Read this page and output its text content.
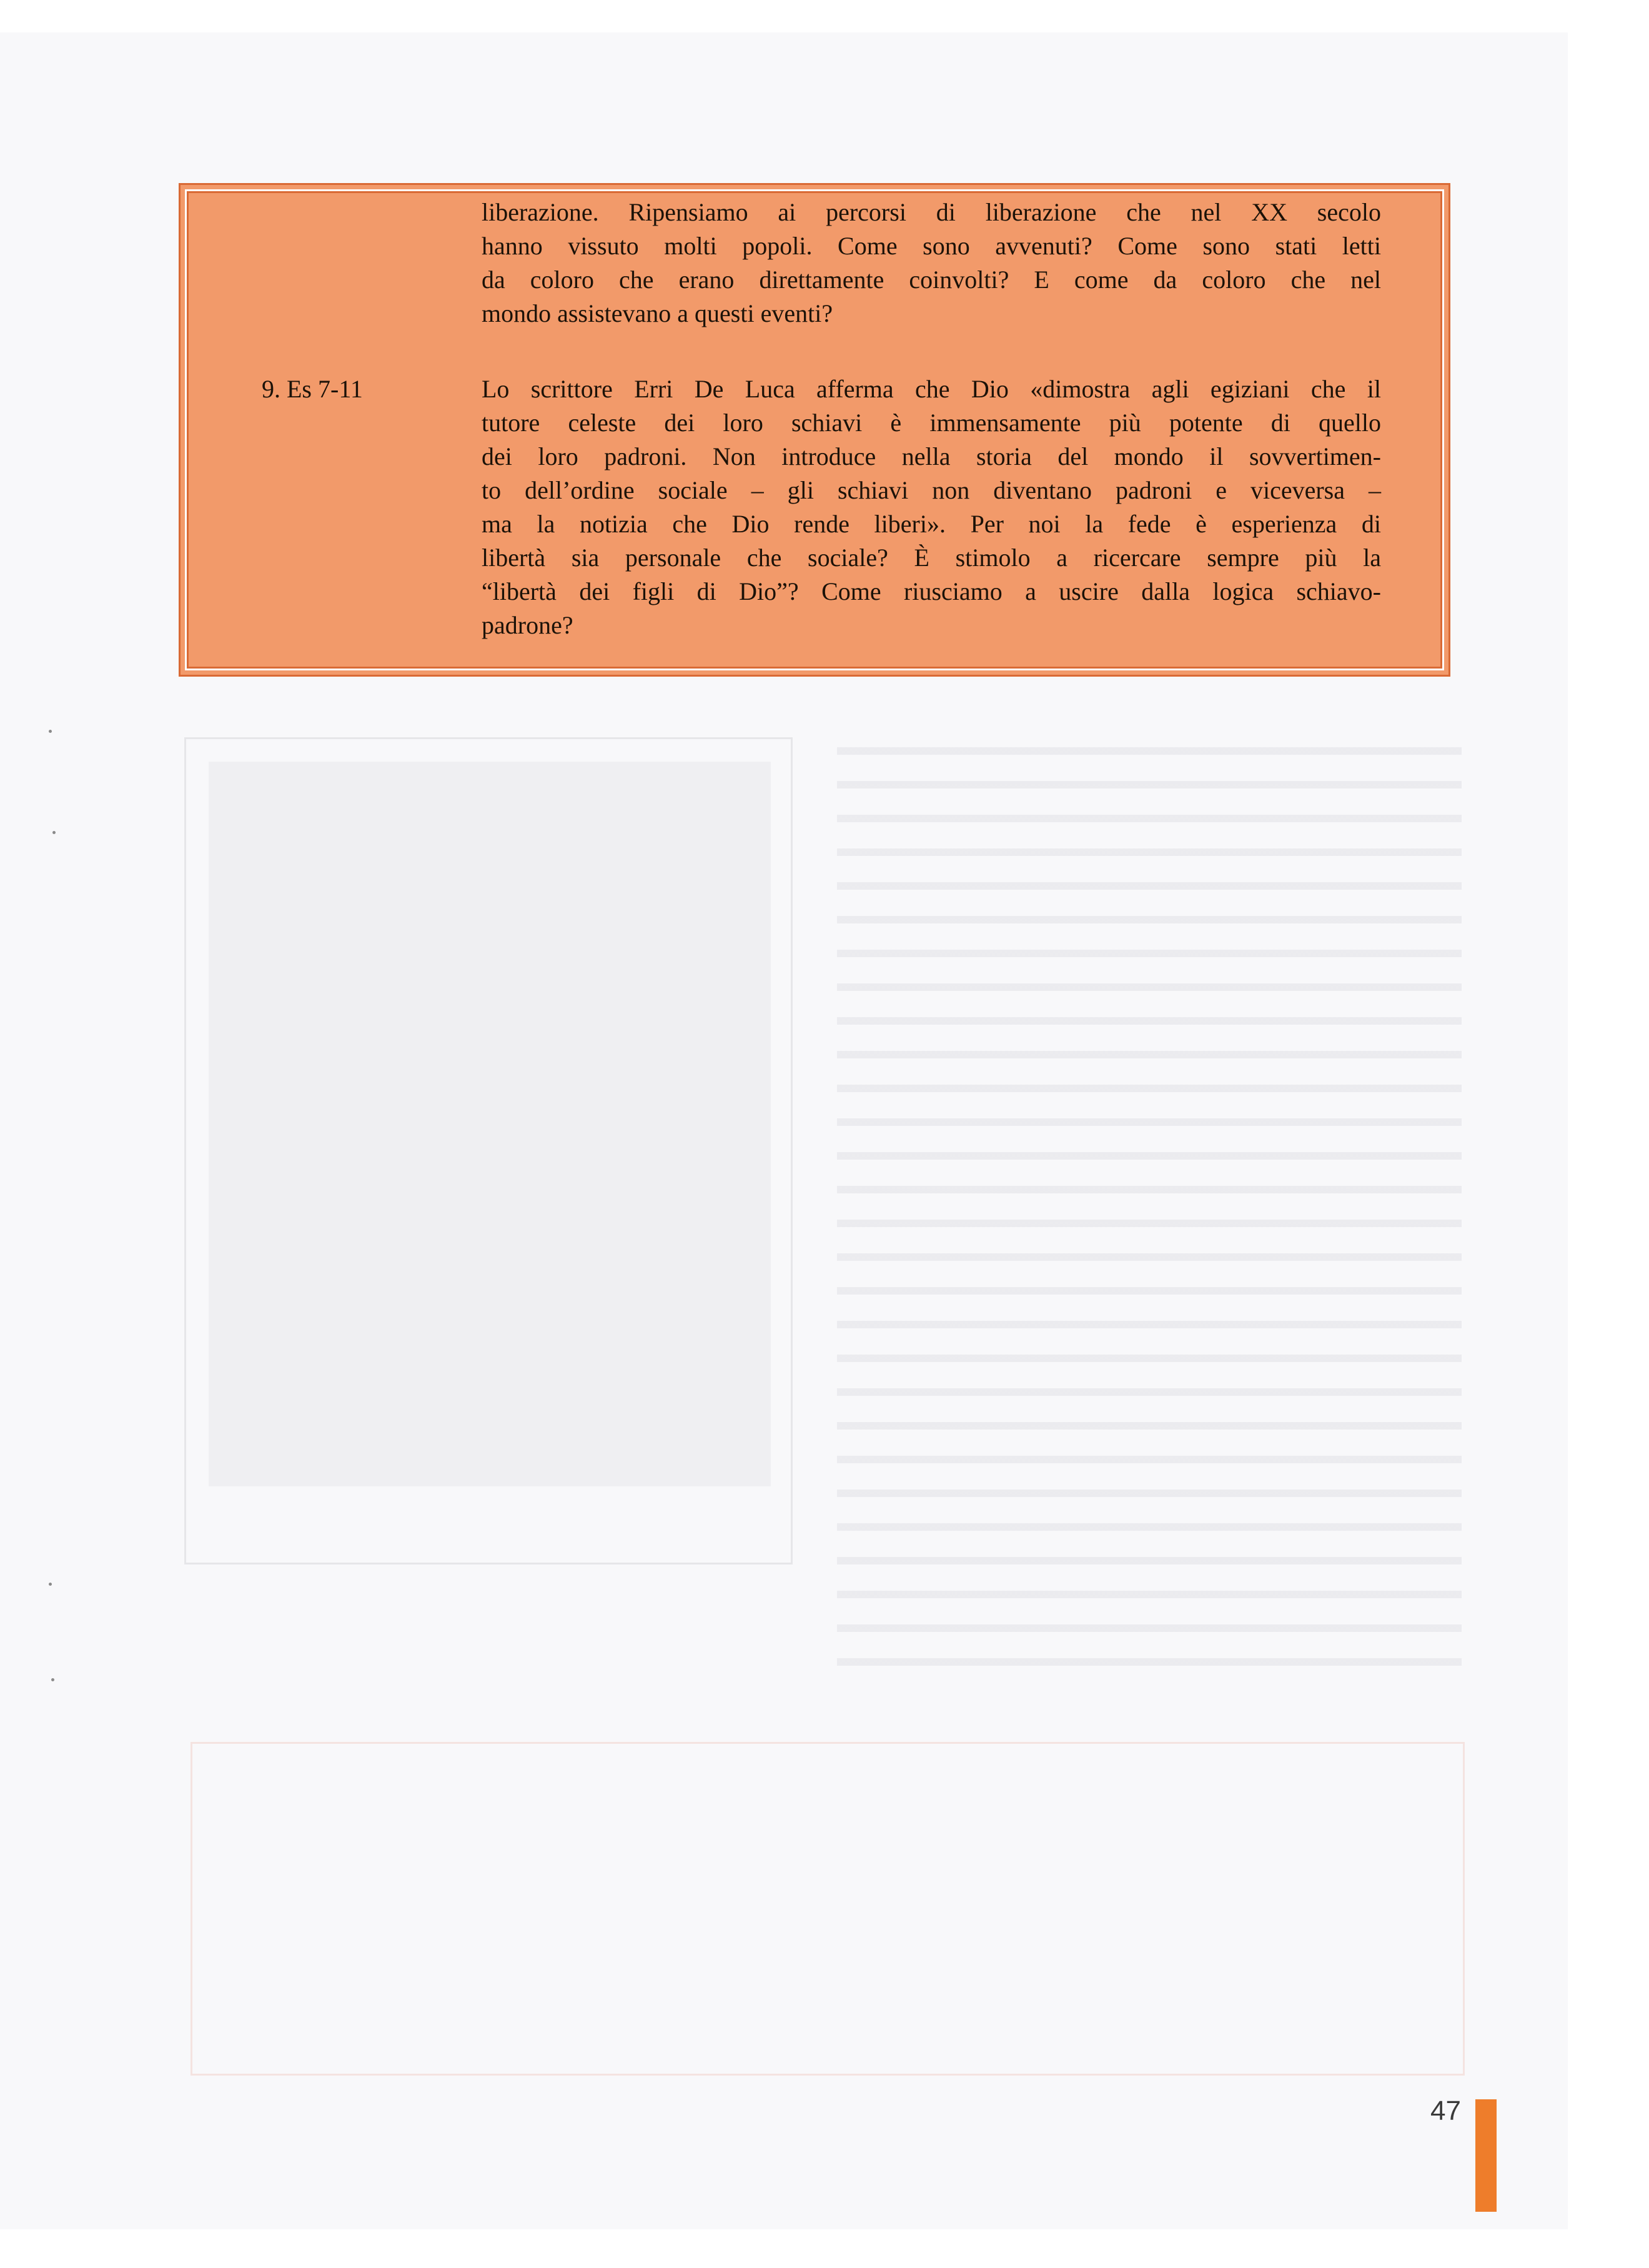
liberazione. Ripensiamo ai percorsi di liberazione che nel XX secolo
hanno vissuto molti popoli. Come sono avvenuti? Come sono stati letti
da coloro che erano direttamente coinvolti? E come da coloro che nel
mondo assistevano a questi eventi?

9. Es 7-11	Lo scrittore Erri De Luca afferma che Dio «dimostra agli egiziani che il
tutore celeste dei loro schiavi è immensamente più potente di quello
dei loro padroni. Non introduce nella storia del mondo il sovvertimen-
to dell’ordine sociale – gli schiavi non diventano padroni e viceversa –
ma la notizia che Dio rende liberi». Per noi la fede è esperienza di
libertà sia personale che sociale? È stimolo a ricercare sempre più la
“libertà dei figli di Dio”? Come riusciamo a uscire dalla logica schiavo-
padrone?

47
